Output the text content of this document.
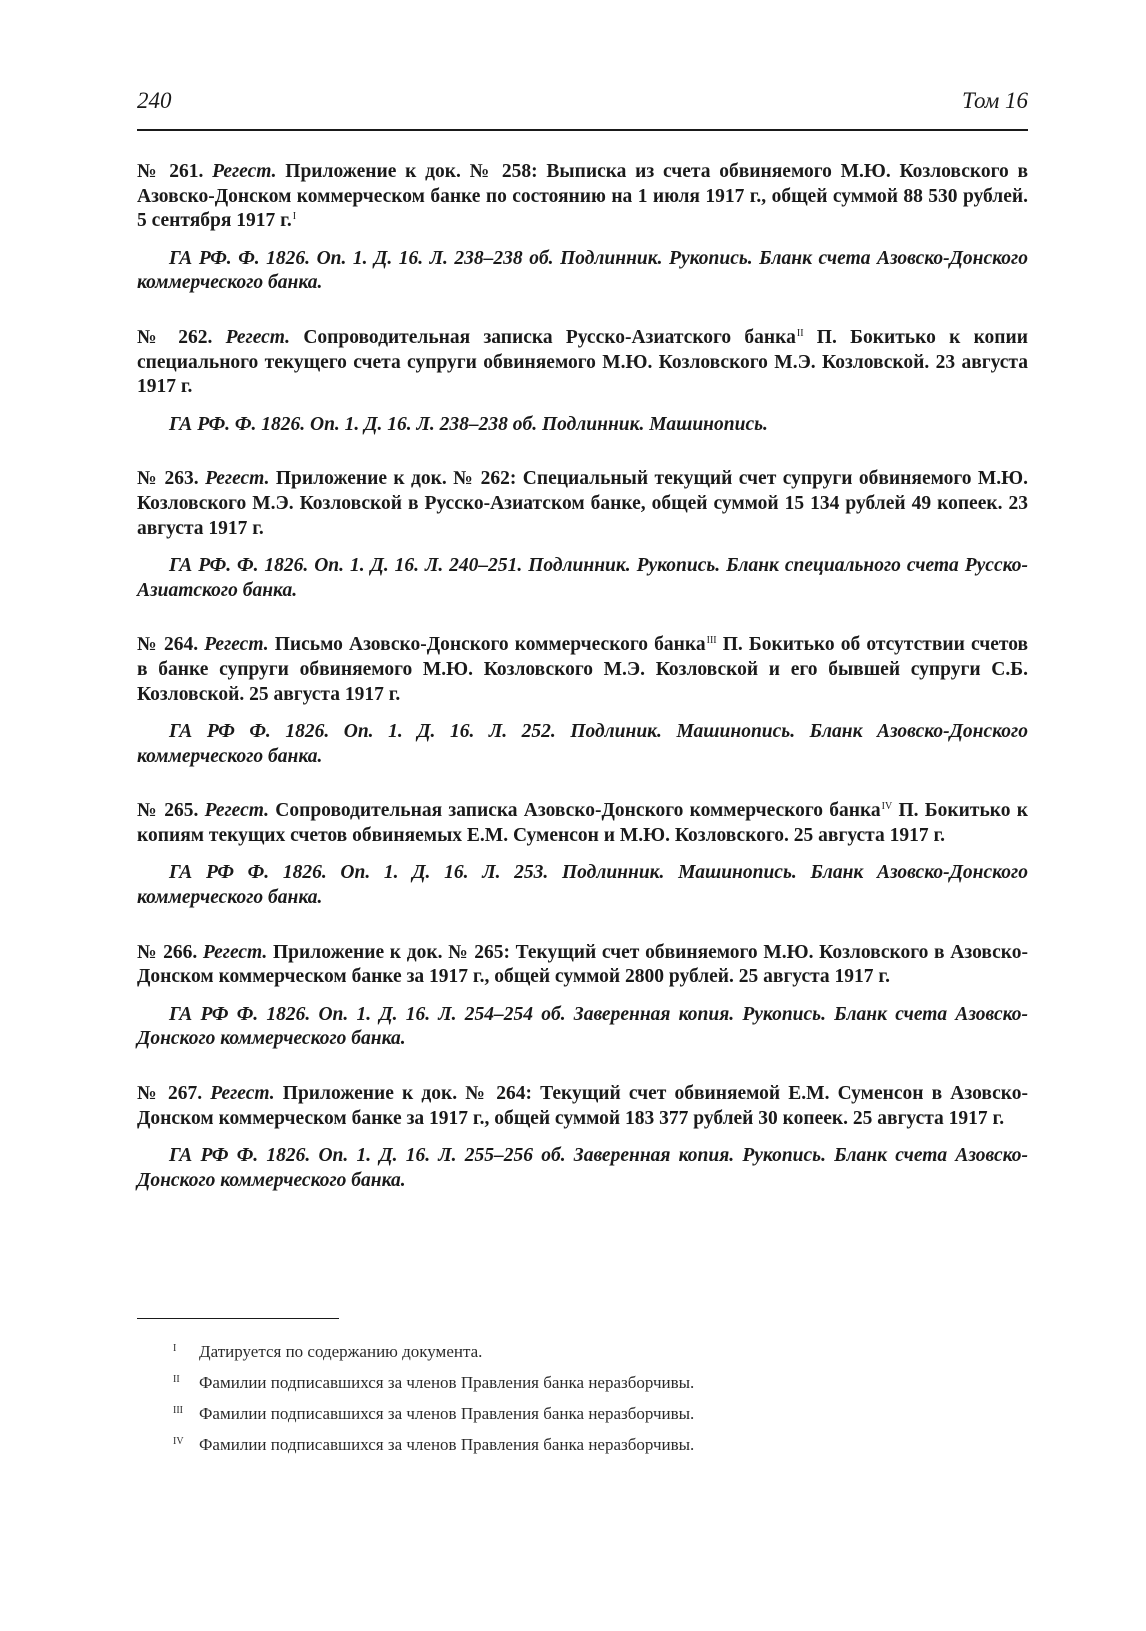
240	Том 16

№ 261. Регест. Приложение к док. № 258: Выписка из счета обвиняемого М.Ю. Козловского в Азовско-Донском коммерческом банке по состоянию на 1 июля 1917 г., общей суммой 88 530 рублей. 5 сентября 1917 г.$^I$

ГА РФ. Ф. 1826. Оп. 1. Д. 16. Л. 238–238 об. Подлинник. Рукопись. Бланк счета Азовско-Донского коммерческого банка.

№ 262. Регест. Сопроводительная записка Русско-Азиатского банка$^{II}$ П. Бокитько к копии специального текущего счета супруги обвиняемого М.Ю. Козловского М.Э. Козловской. 23 августа 1917 г.

ГА РФ. Ф. 1826. Оп. 1. Д. 16. Л. 238–238 об. Подлинник. Машинопись.

№ 263. Регест. Приложение к док. № 262: Специальный текущий счет супруги обвиняемого М.Ю. Козловского М.Э. Козловской в Русско-Азиатском банке, общей суммой 15 134 рублей 49 копеек. 23 августа 1917 г.

ГА РФ. Ф. 1826. Оп. 1. Д. 16. Л. 240–251. Подлинник. Рукопись. Бланк специального счета Русско-Азиатского банка.

№ 264. Регест. Письмо Азовско-Донского коммерческого банка$^{III}$ П. Бокитько об отсутствии счетов в банке супруги обвиняемого М.Ю. Козловского М.Э. Козловской и его бывшей супруги С.Б. Козловской. 25 августа 1917 г.

ГА РФ Ф. 1826. Оп. 1. Д. 16. Л. 252. Подлиник. Машинопись. Бланк Азовско-Донского коммерческого банка.

№ 265. Регест. Сопроводительная записка Азовско-Донского коммерческого банка$^{IV}$ П. Бокитько к копиям текущих счетов обвиняемых Е.М. Суменсон и М.Ю. Козловского. 25 августа 1917 г.

ГА РФ Ф. 1826. Оп. 1. Д. 16. Л. 253. Подлинник. Машинопись. Бланк Азовско-Донского коммерческого банка.

№ 266. Регест. Приложение к док. № 265: Текущий счет обвиняемого М.Ю. Козловского в Азовско-Донском коммерческом банке за 1917 г., общей суммой 2800 рублей. 25 августа 1917 г.

ГА РФ Ф. 1826. Оп. 1. Д. 16. Л. 254–254 об. Заверенная копия. Рукопись. Бланк счета Азовско-Донского коммерческого банка.

№ 267. Регест. Приложение к док. № 264: Текущий счет обвиняемой Е.М. Суменсон в Азовско-Донском коммерческом банке за 1917 г., общей суммой 183 377 рублей 30 копеек. 25 августа 1917 г.

ГА РФ Ф. 1826. Оп. 1. Д. 16. Л. 255–256 об. Заверенная копия. Рукопись. Бланк счета Азовско-Донского коммерческого банка.

I	Датируется по содержанию документа.
II	Фамилии подписавшихся за членов Правления банка неразборчивы.
III Фамилии подписавшихся за членов Правления банка неразборчивы.
IV Фамилии подписавшихся за членов Правления банка неразборчивы.
